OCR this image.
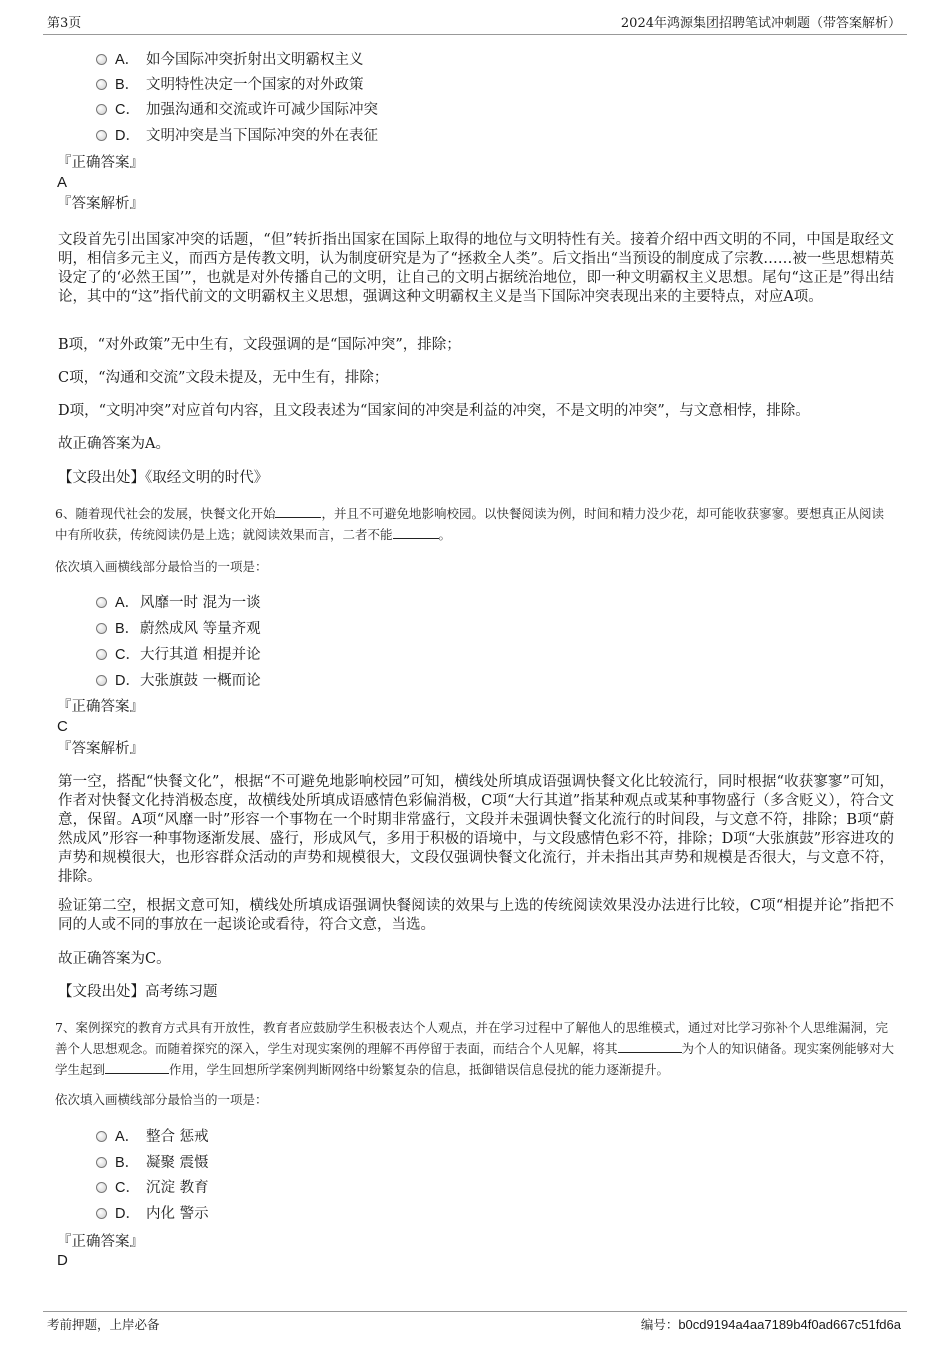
第3页	2024年鸿源集团招聘笔试冲刺题（带答案解析）
A． 如今国际冲突折射出文明霸权主义
B． 文明特性决定一个国家的对外政策
C． 加强沟通和交流或许可减少国际冲突
D． 文明冲突是当下国际冲突的外在表征
『正确答案』
A
『答案解析』

文段首先引出国家冲突的话题，“但”转折指出国家在国际上取得的地位与文明特性有关。接着介绍中西文明的不同，中国是取经文明，相信多元主义，而西方是传教文明，认为制度研究是为了“拯救全人类”。后文指出“当预设的制度成了宗教……被一些思想精英设定了的‘必然王国’”，也就是对外传播自己的文明，让自己的文明占据统治地位，即一种文明霸权主义思想。尾句“这正是”得出结论，其中的“这”指代前文的文明霸权主义思想，强调这种文明霸权主义是当下国际冲突表现出来的主要特点，对应A项。

B项，“对外政策”无中生有，文段强调的是“国际冲突”，排除；

C项，“沟通和交流”文段未提及，无中生有，排除；

D项，“文明冲突”对应首句内容，且文段表述为“国家间的冲突是利益的冲突，不是文明的冲突”，与文意相悖，排除。

故正确答案为A。

【文段出处】《取经文明的时代》

6、随着现代社会的发展，快餐文化开始	，并且不可避免地影响校园。以快餐阅读为例，时间和精力没少花，却可能收获寥寥。要想真正从阅读中有所收获，传统阅读仍是上选；就阅读效果而言，二者不能	。

依次填入画横线部分最恰当的一项是：
A．风靡一时 混为一谈
B．蔚然成风 等量齐观
C．大行其道 相提并论
D．大张旗鼓 一概而论
『正确答案』
C
『答案解析』

第一空，搭配“快餐文化”，根据“不可避免地影响校园”可知，横线处所填成语强调快餐文化比较流行，同时根据“收获寥寥”可知，作者对快餐文化持消极态度，故横线处所填成语感情色彩偏消极，C项“大行其道”指某种观点或某种事物盛行（多含贬义），符合文意，保留。A项“风靡一时”形容一个事物在一个时期非常盛行，文段并未强调快餐文化流行的时间段，与文意不符，排除；B项“蔚然成风”形容一种事物逐渐发展、盛行，形成风气，多用于积极的语境中，与文段感情色彩不符，排除；D项“大张旗鼓”形容进攻的声势和规模很大，也形容群众活动的声势和规模很大，文段仅强调快餐文化流行，并未指出其声势和规模是否很大，与文意不符，排除。

验证第二空，根据文意可知，横线处所填成语强调快餐阅读的效果与上选的传统阅读效果没办法进行比较，C项“相提并论”指把不同的人或不同的事放在一起谈论或看待，符合文意，当选。

故正确答案为C。

【文段出处】高考练习题

7、案例探究的教育方式具有开放性，教育者应鼓励学生积极表达个人观点，并在学习过程中了解他人的思维模式，通过对比学习弥补个人思维漏洞，完善个人思想观念。而随着探究的深入，学生对现实案例的理解不再停留于表面，而结合个人见解，将其	为个人的知识储备。现实案例能够对大学生起到	作用，学生回想所学案例判断网络中纷繁复杂的信息，抵御错误信息侵扰的能力逐渐提升。

依次填入画横线部分最恰当的一项是：
A． 整合 惩戒
B． 凝聚 震慑
C． 沉淀 教育
D． 内化 警示
『正确答案』
D
考前押题，上岸必备	编号：b0cd9194a4aa7189b4f0ad667c51fd6a
